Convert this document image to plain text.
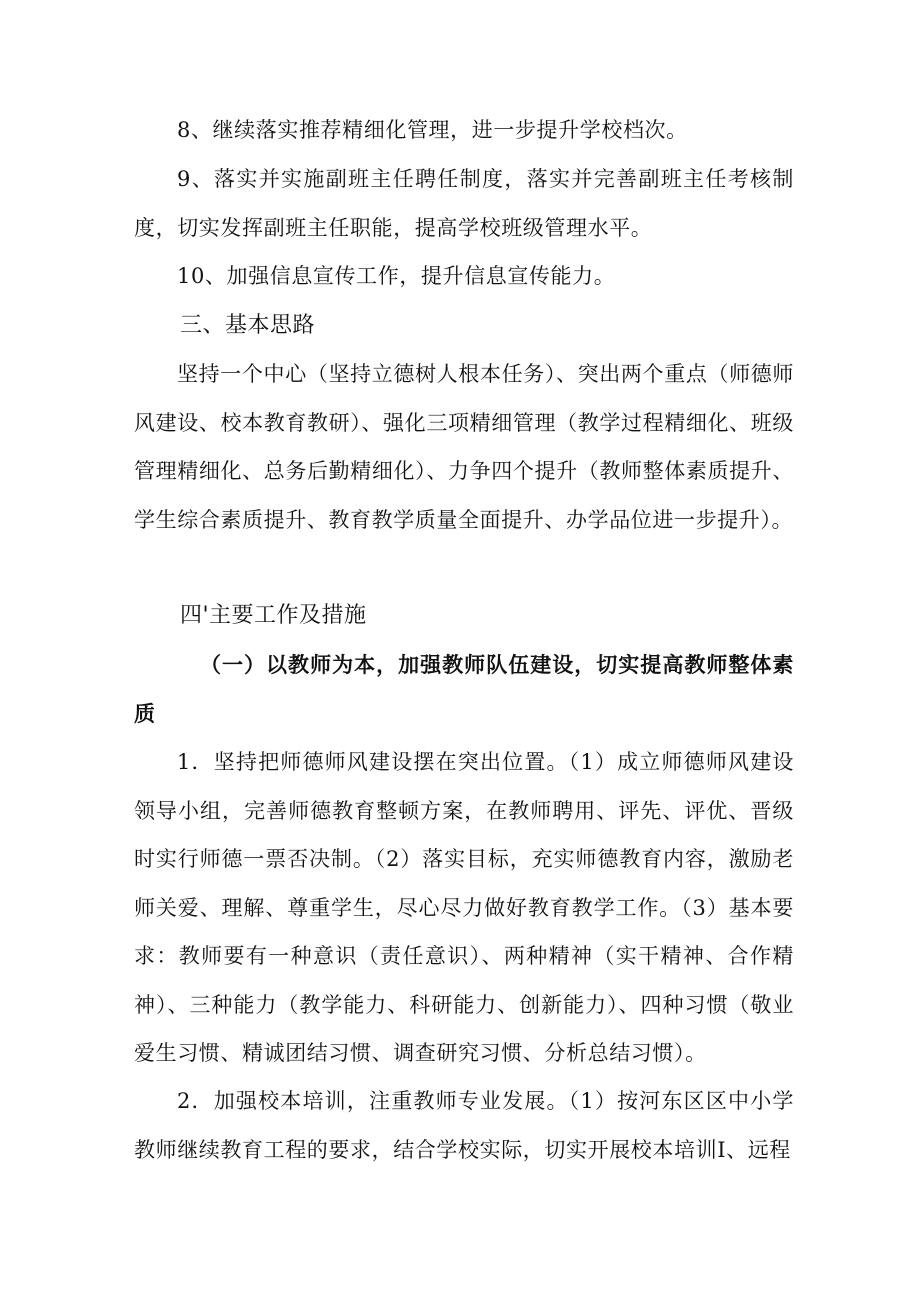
8、继续落实推荐精细化管理，进一步提升学校档次。

9、落实并实施副班主任聘任制度，落实并完善副班主任考核制度，切实发挥副班主任职能，提高学校班级管理水平。

10、加强信息宣传工作，提升信息宣传能力。

三、基本思路

坚持一个中心（坚持立德树人根本任务）、突出两个重点（师德师风建设、校本教育教研）、强化三项精细管理（教学过程精细化、班级管理精细化、总务后勤精细化）、力争四个提升（教师整体素质提升、学生综合素质提升、教育教学质量全面提升、办学品位进一步提升）。

四'主要工作及措施

（一）以教师为本，加强教师队伍建设，切实提高教师整体素质

1．坚持把师德师风建设摆在突出位置。（1）成立师德师风建设领导小组，完善师德教育整顿方案，在教师聘用、评先、评优、晋级时实行师德一票否决制。（2）落实目标，充实师德教育内容，激励老师关爱、理解、尊重学生，尽心尽力做好教育教学工作。（3）基本要求：教师要有一种意识（责任意识）、两种精神（实干精神、合作精神）、三种能力（教学能力、科研能力、创新能力）、四种习惯（敬业爱生习惯、精诚团结习惯、调查研究习惯、分析总结习惯）。

2．加强校本培训，注重教师专业发展。（1）按河东区区中小学教师继续教育工程的要求，结合学校实际，切实开展校本培训I、远程
